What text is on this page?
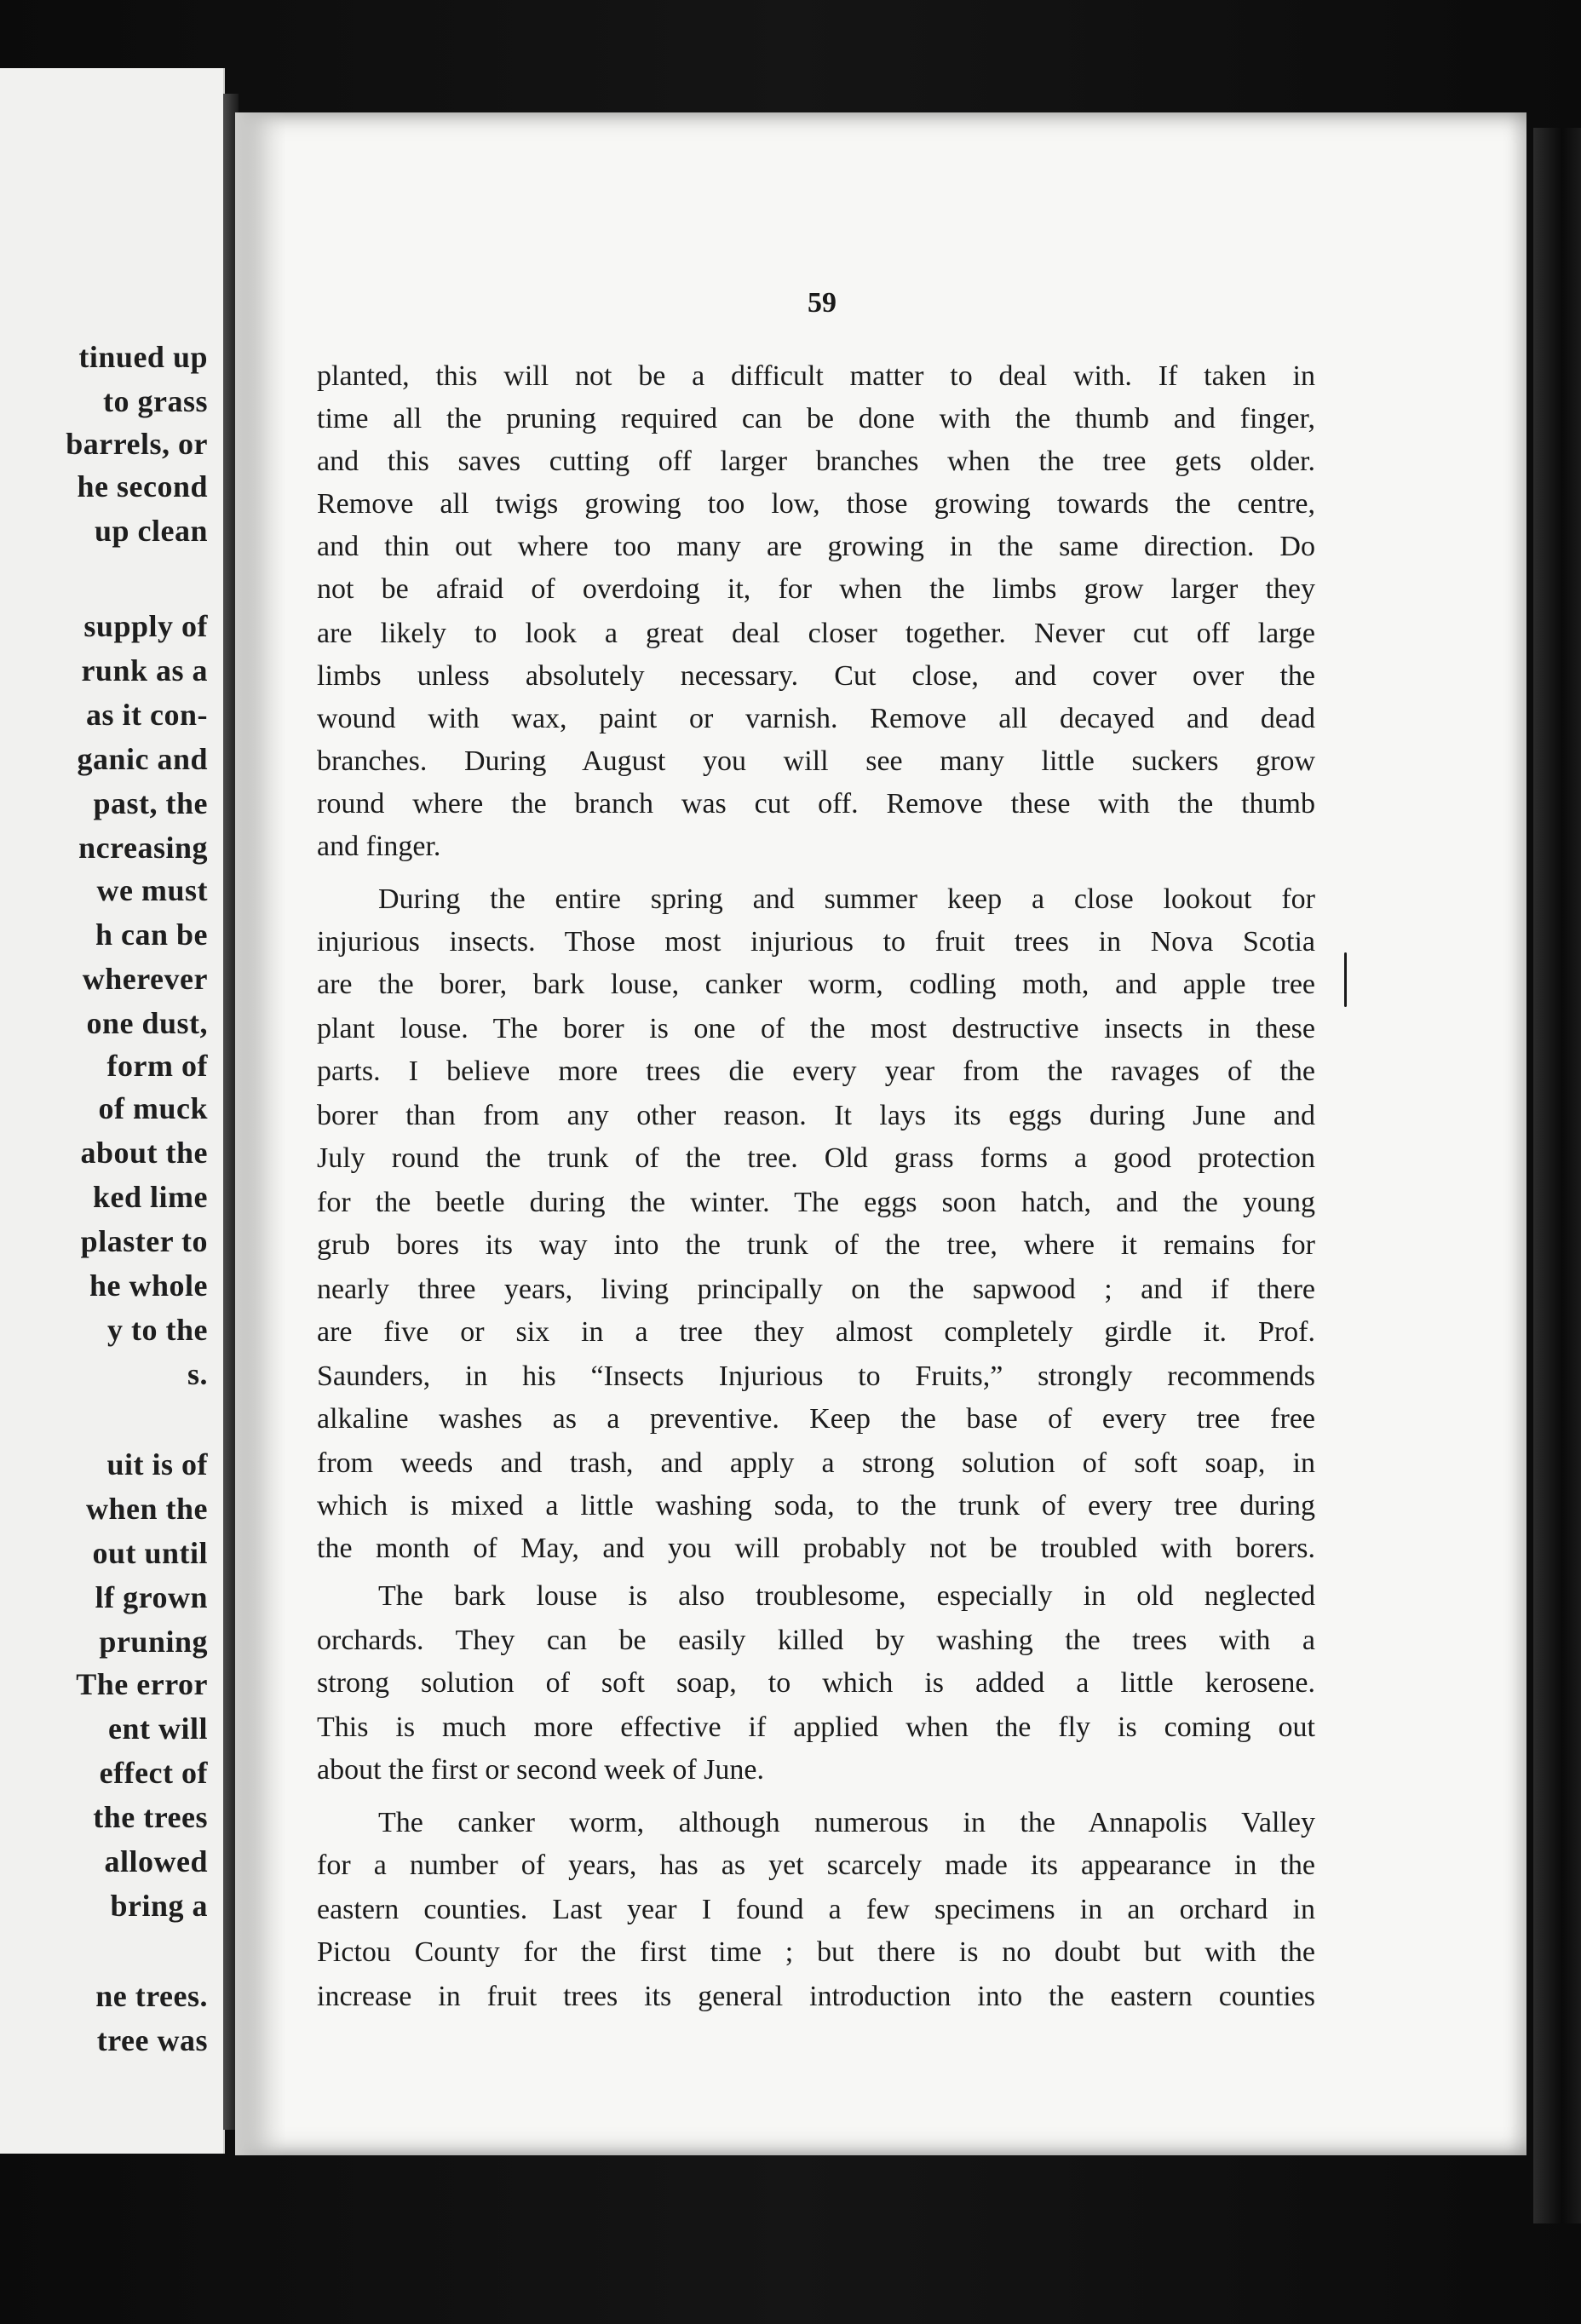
tinued up
to grass
barrels, or
he second
up clean
supply of
runk as a
as it con-
ganic and
past, the
ncreasing
we must
h can be
wherever
one dust,
form of
of muck
about the
ked lime
plaster to
he whole
y to the
s.
uit is of
when the
out until
lf grown
pruning
The error
ent will
effect of
the trees
allowed
bring a
ne trees.
tree was
59
planted, this will not be a difficult matter to deal with. If taken in
time all the pruning required can be done with the thumb and finger,
and this saves cutting off larger branches when the tree gets older.
Remove all twigs growing too low, those growing towards the centre,
and thin out where too many are growing in the same direction. Do
not be afraid of overdoing it, for when the limbs grow larger they
are likely to look a great deal closer together. Never cut off large
limbs unless absolutely necessary. Cut close, and cover over the
wound with wax, paint or varnish. Remove all decayed and dead
branches. During August you will see many little suckers grow
round where the branch was cut off. Remove these with the thumb
and finger.
During the entire spring and summer keep a close lookout for
injurious insects. Those most injurious to fruit trees in Nova Scotia
are the borer, bark louse, canker worm, codling moth, and apple tree
plant louse. The borer is one of the most destructive insects in these
parts. I believe more trees die every year from the ravages of the
borer than from any other reason. It lays its eggs during June and
July round the trunk of the tree. Old grass forms a good protection
for the beetle during the winter. The eggs soon hatch, and the young
grub bores its way into the trunk of the tree, where it remains for
nearly three years, living principally on the sapwood ; and if there
are five or six in a tree they almost completely girdle it. Prof.
Saunders, in his “Insects Injurious to Fruits,” strongly recommends
alkaline washes as a preventive. Keep the base of every tree free
from weeds and trash, and apply a strong solution of soft soap, in
which is mixed a little washing soda, to the trunk of every tree during
the month of May, and you will probably not be troubled with borers.
The bark louse is also troublesome, especially in old neglected
orchards. They can be easily killed by washing the trees with a
strong solution of soft soap, to which is added a little kerosene.
This is much more effective if applied when the fly is coming out
about the first or second week of June.
The canker worm, although numerous in the Annapolis Valley
for a number of years, has as yet scarcely made its appearance in the
eastern counties. Last year I found a few specimens in an orchard in
Pictou County for the first time ; but there is no doubt but with the
increase in fruit trees its general introduction into the eastern counties
